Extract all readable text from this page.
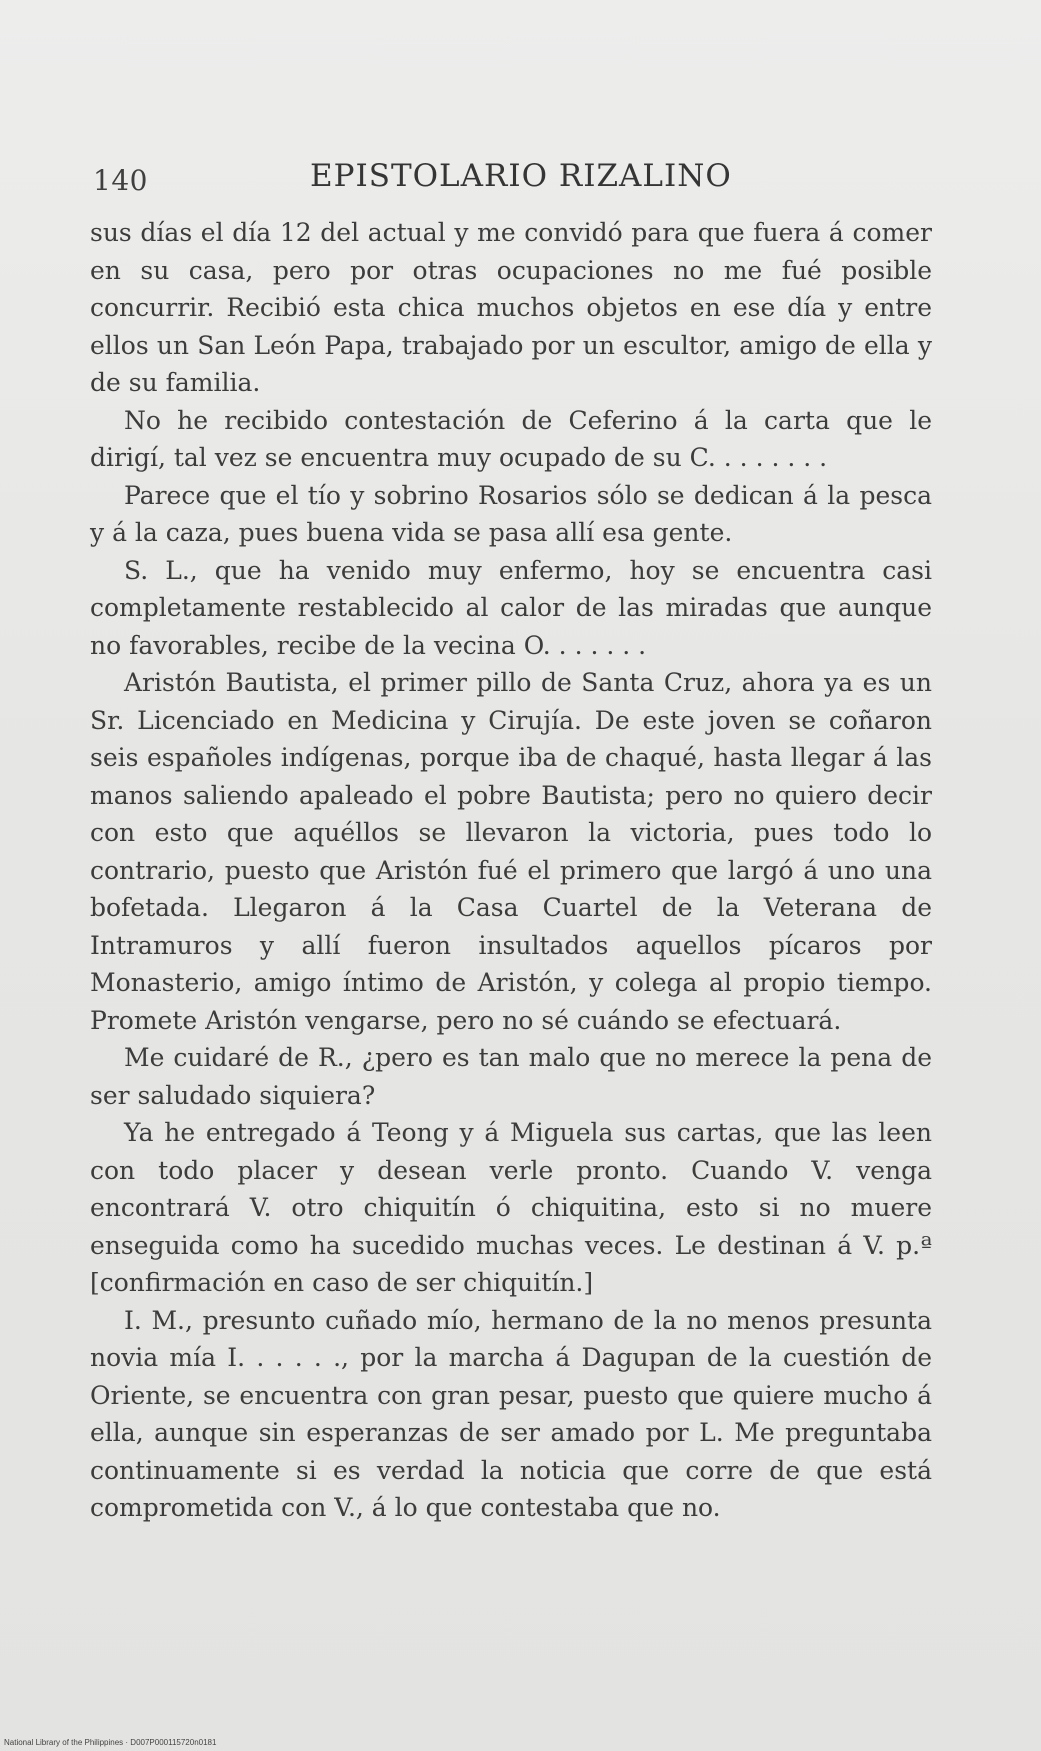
140	EPISTOLARIO RIZALINO

sus días el día 12 del actual y me convidó para que fuera á comer en su casa, pero por otras ocupaciones no me fué posible concurrir. Recibió esta chica muchos objetos en ese día y entre ellos un San León Papa, trabajado por un escultor, amigo de ella y de su familia.

No he recibido contestación de Ceferino á la carta que le dirigí, tal vez se encuentra muy ocupado de su C. . . . . . . .

Parece que el tío y sobrino Rosarios sólo se dedican á la pesca y á la caza, pues buena vida se pasa allí esa gente.

S. L., que ha venido muy enfermo, hoy se encuentra casi completamente restablecido al calor de las miradas que aunque no favorables, recibe de la vecina O. . . . . . .

Aristón Bautista, el primer pillo de Santa Cruz, ahora ya es un Sr. Licenciado en Medicina y Cirujía. De este joven se coñaron seis españoles indígenas, porque iba de chaqué, hasta llegar á las manos saliendo apaleado el pobre Bautista; pero no quiero decir con esto que aquéllos se llevaron la victoria, pues todo lo contrario, puesto que Aristón fué el primero que largó á uno una bofetada. Llegaron á la Casa Cuartel de la Veterana de Intramuros y allí fueron insultados aquellos pícaros por Monasterio, amigo íntimo de Aristón, y colega al propio tiempo. Promete Aristón vengarse, pero no sé cuándo se efectuará.

Me cuidaré de R., ¿pero es tan malo que no merece la pena de ser saludado siquiera?

Ya he entregado á Teong y á Miguela sus cartas, que las leen con todo placer y desean verle pronto. Cuando V. venga encontrará V. otro chiquitín ó chiquitina, esto si no muere enseguida como ha sucedido muchas veces. Le destinan á V. p.ª [confirmación en caso de ser chiquitín.]

I. M., presunto cuñado mío, hermano de la no menos presunta novia mía I. . . . . ., por la marcha á Dagupan de la cuestión de Oriente, se encuentra con gran pesar, puesto que quiere mucho á ella, aunque sin esperanzas de ser amado por L. Me preguntaba continuamente si es verdad la noticia que corre de que está comprometida con V., á lo que contestaba que no.

National Library of the Philippines · D007P000115720n0181
